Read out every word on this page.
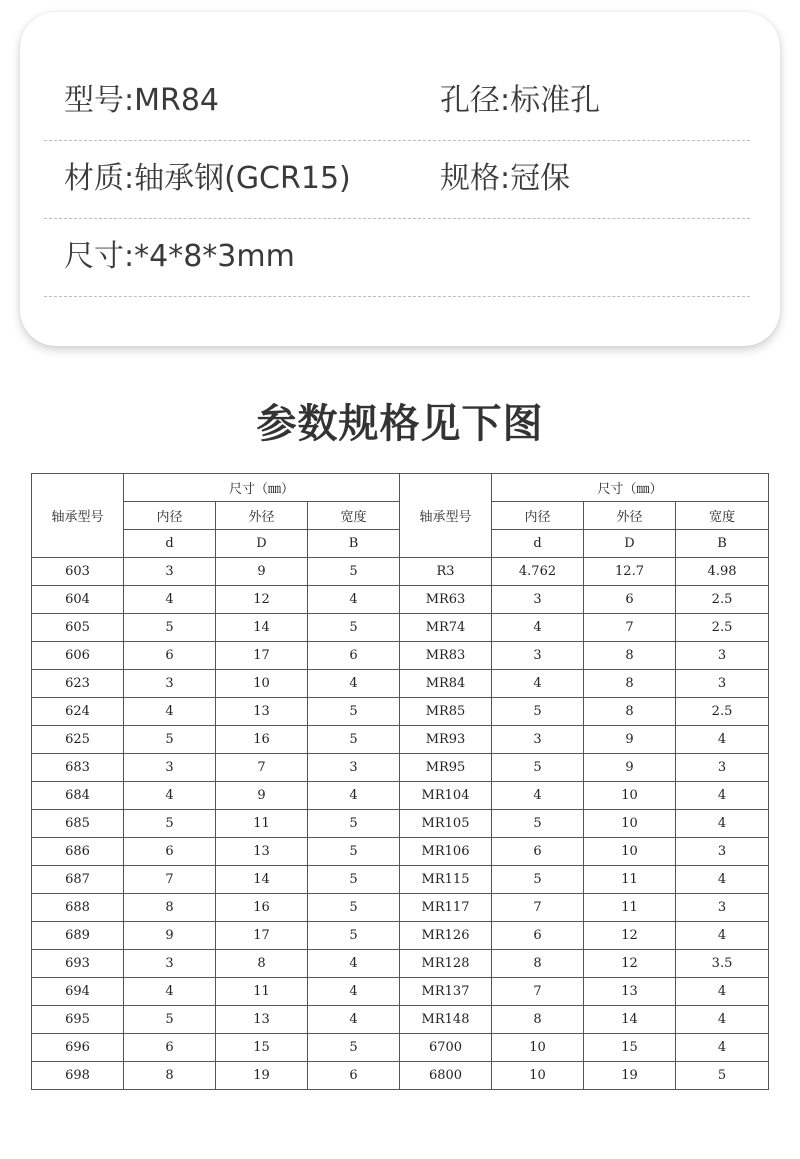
型号:MR84	孔径:标准孔
材质:轴承钢(GCR15)	规格:冠保
尺寸:*4*8*3mm
参数规格见下图
轴承型号	尺寸（㎜）			轴承型号	尺寸（㎜）		
	内径	外径	宽度		内径	外径	宽度
	d	D	B		d	D	B
603	3	9	5	R3	4.762	12.7	4.98
604	4	12	4	MR63	3	6	2.5
605	5	14	5	MR74	4	7	2.5
606	6	17	6	MR83	3	8	3
623	3	10	4	MR84	4	8	3
624	4	13	5	MR85	5	8	2.5
625	5	16	5	MR93	3	9	4
683	3	7	3	MR95	5	9	3
684	4	9	4	MR104	4	10	4
685	5	11	5	MR105	5	10	4
686	6	13	5	MR106	6	10	3
687	7	14	5	MR115	5	11	4
688	8	16	5	MR117	7	11	3
689	9	17	5	MR126	6	12	4
693	3	8	4	MR128	8	12	3.5
694	4	11	4	MR137	7	13	4
695	5	13	4	MR148	8	14	4
696	6	15	5	6700	10	15	4
698	8	19	6	6800	10	19	5
